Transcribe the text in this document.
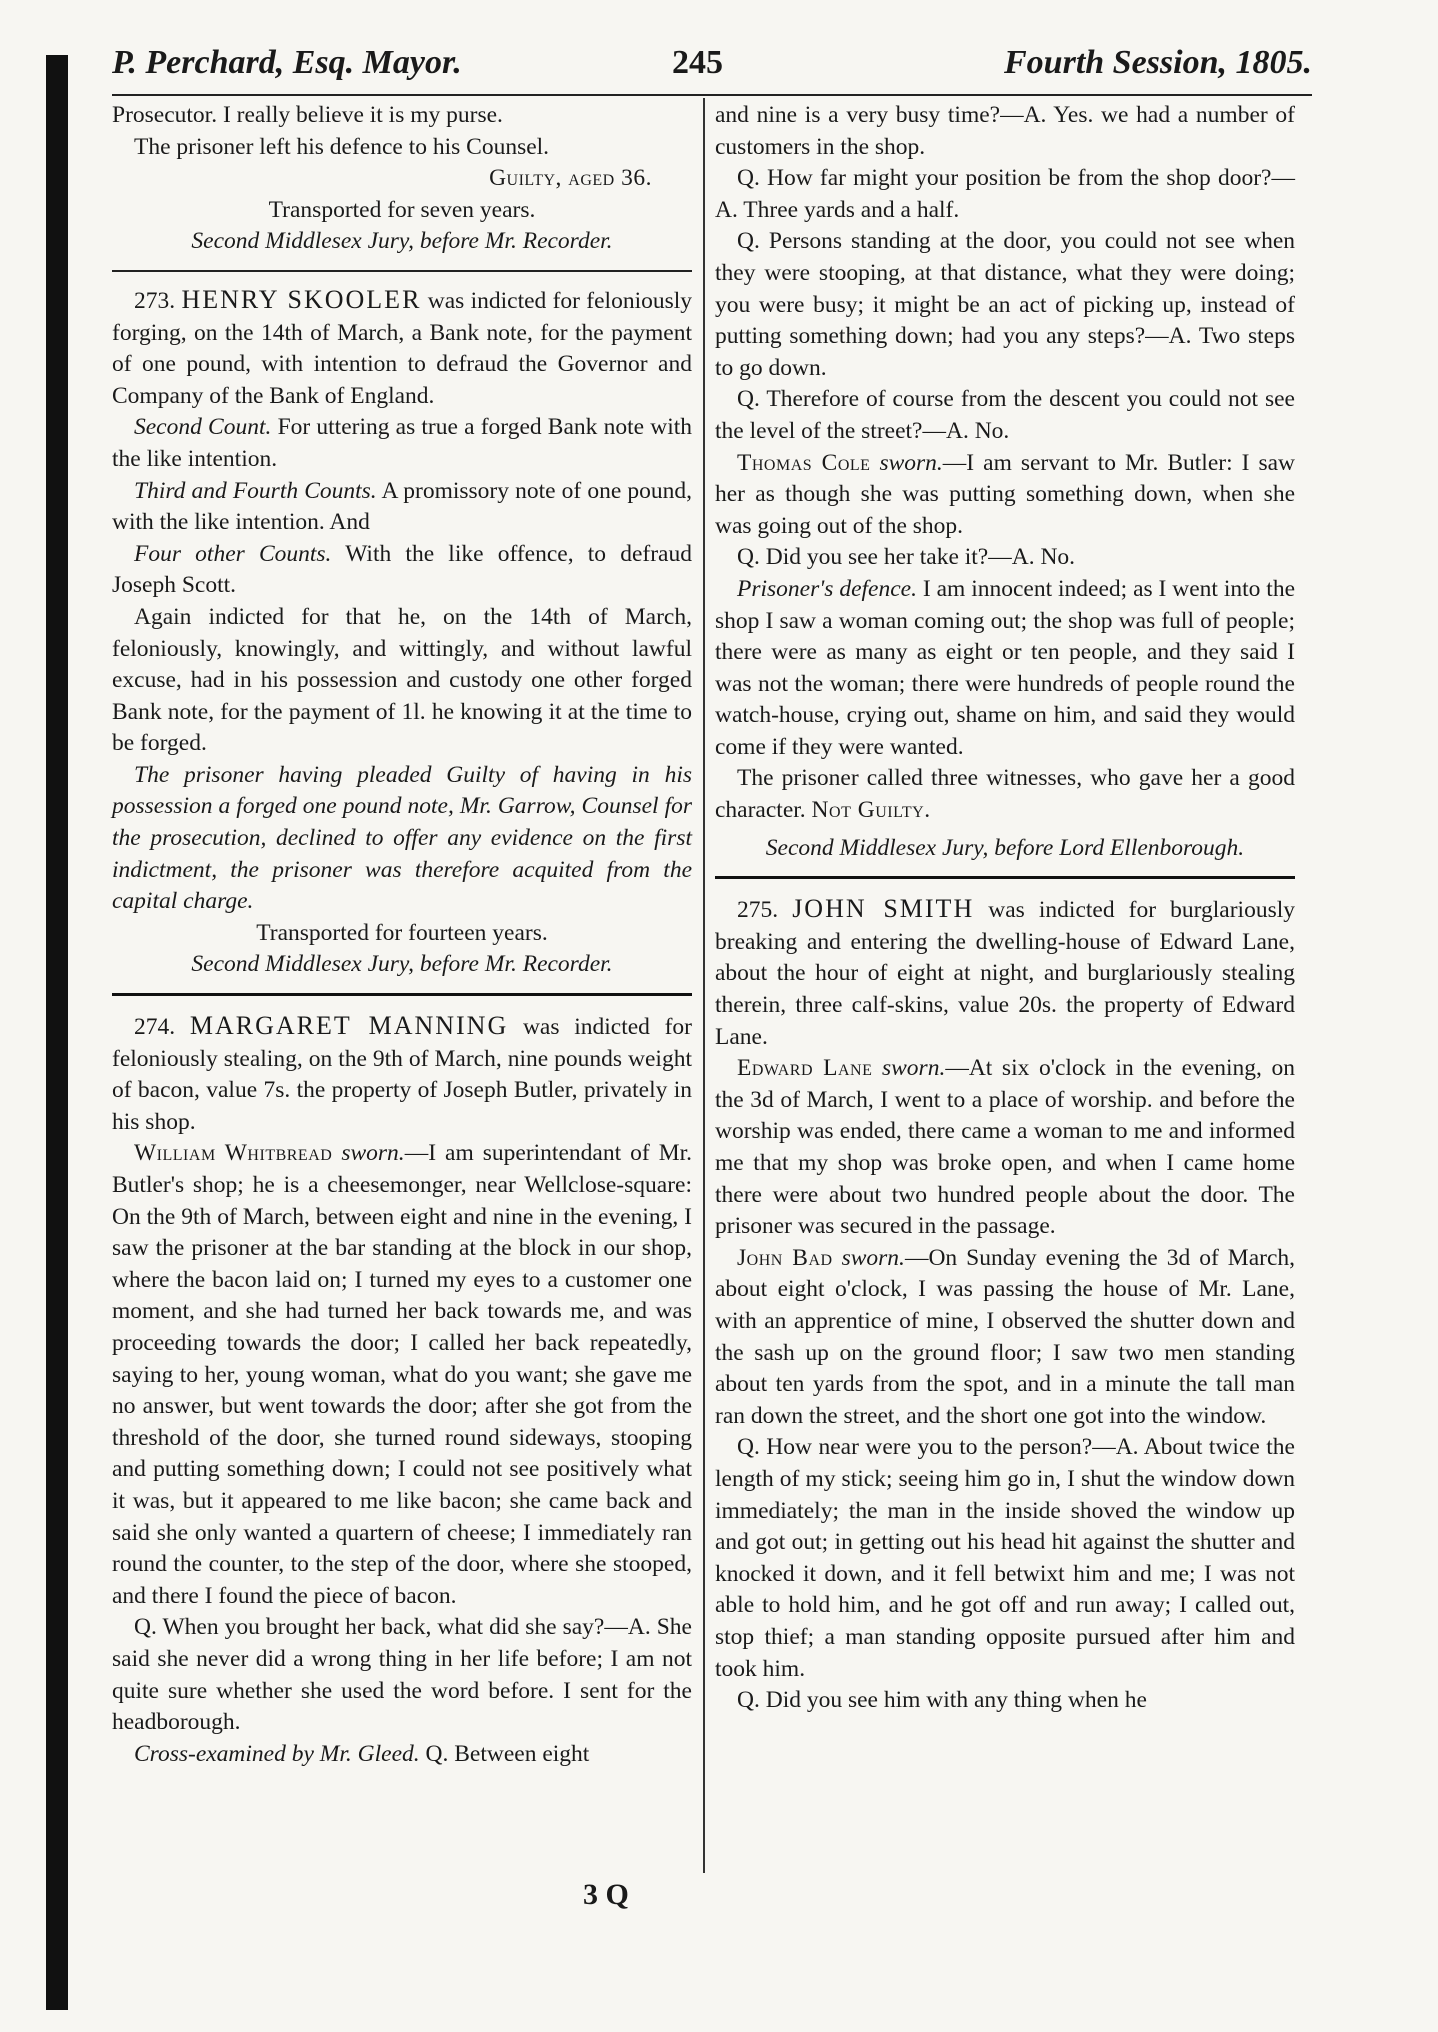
P. Perchard, Esq. Mayor.	245	Fourth Session, 1805.

Prosecutor. I really believe it is my purse.

The prisoner left his defence to his Counsel.

Guilty, aged 36.

Transported for seven years.

Second Middlesex Jury, before Mr. Recorder.

273. HENRY SKOOLER was indicted for feloniously forging, on the 14th of March, a Bank note, for the payment of one pound, with intention to defraud the Governor and Company of the Bank of England.

Second Count. For uttering as true a forged Bank note with the like intention.

Third and Fourth Counts. A promissory note of one pound, with the like intention. And

Four other Counts. With the like offence, to defraud Joseph Scott.

Again indicted for that he, on the 14th of March, feloniously, knowingly, and wittingly, and without lawful excuse, had in his possession and custody one other forged Bank note, for the payment of 1l. he knowing it at the time to be forged.

The prisoner having pleaded Guilty of having in his possession a forged one pound note, Mr. Garrow, Counsel for the prosecution, declined to offer any evidence on the first indictment, the prisoner was therefore acquited from the capital charge.

Transported for fourteen years.

Second Middlesex Jury, before Mr. Recorder.

274. MARGARET MANNING was indicted for feloniously stealing, on the 9th of March, nine pounds weight of bacon, value 7s. the property of Joseph Butler, privately in his shop.

William Whitbread sworn.—I am superintendant of Mr. Butler's shop; he is a cheesemonger, near Wellclose-square: On the 9th of March, between eight and nine in the evening, I saw the prisoner at the bar standing at the block in our shop, where the bacon laid on; I turned my eyes to a customer one moment, and she had turned her back towards me, and was proceeding towards the door; I called her back repeatedly, saying to her, young woman, what do you want; she gave me no answer, but went towards the door; after she got from the threshold of the door, she turned round sideways, stooping and putting something down; I could not see positively what it was, but it appeared to me like bacon; she came back and said she only wanted a quartern of cheese; I immediately ran round the counter, to the step of the door, where she stooped, and there I found the piece of bacon.

Q. When you brought her back, what did she say?—A. She said she never did a wrong thing in her life before; I am not quite sure whether she used the word before. I sent for the headborough.

Cross-examined by Mr. Gleed. Q. Between eight

and nine is a very busy time?—A. Yes. we had a number of customers in the shop.

Q. How far might your position be from the shop door?—A. Three yards and a half.

Q. Persons standing at the door, you could not see when they were stooping, at that distance, what they were doing; you were busy; it might be an act of picking up, instead of putting something down; had you any steps?—A. Two steps to go down.

Q. Therefore of course from the descent you could not see the level of the street?—A. No.

Thomas Cole sworn.—I am servant to Mr. Butler: I saw her as though she was putting something down, when she was going out of the shop.

Q. Did you see her take it?—A. No.

Prisoner's defence. I am innocent indeed; as I went into the shop I saw a woman coming out; the shop was full of people; there were as many as eight or ten people, and they said I was not the woman; there were hundreds of people round the watch-house, crying out, shame on him, and said they would come if they were wanted.

The prisoner called three witnesses, who gave her a good character. Not Guilty.

Second Middlesex Jury, before Lord Ellenborough.

275. JOHN SMITH was indicted for burglariously breaking and entering the dwelling-house of Edward Lane, about the hour of eight at night, and burglariously stealing therein, three calf-skins, value 20s. the property of Edward Lane.

Edward Lane sworn.—At six o'clock in the evening, on the 3d of March, I went to a place of worship. and before the worship was ended, there came a woman to me and informed me that my shop was broke open, and when I came home there were about two hundred people about the door. The prisoner was secured in the passage.

John Bad sworn.—On Sunday evening the 3d of March, about eight o'clock, I was passing the house of Mr. Lane, with an apprentice of mine, I observed the shutter down and the sash up on the ground floor; I saw two men standing about ten yards from the spot, and in a minute the tall man ran down the street, and the short one got into the window.

Q. How near were you to the person?—A. About twice the length of my stick; seeing him go in, I shut the window down immediately; the man in the inside shoved the window up and got out; in getting out his head hit against the shutter and knocked it down, and it fell betwixt him and me; I was not able to hold him, and he got off and run away; I called out, stop thief; a man standing opposite pursued after him and took him.

Q. Did you see him with any thing when he

3 Q
